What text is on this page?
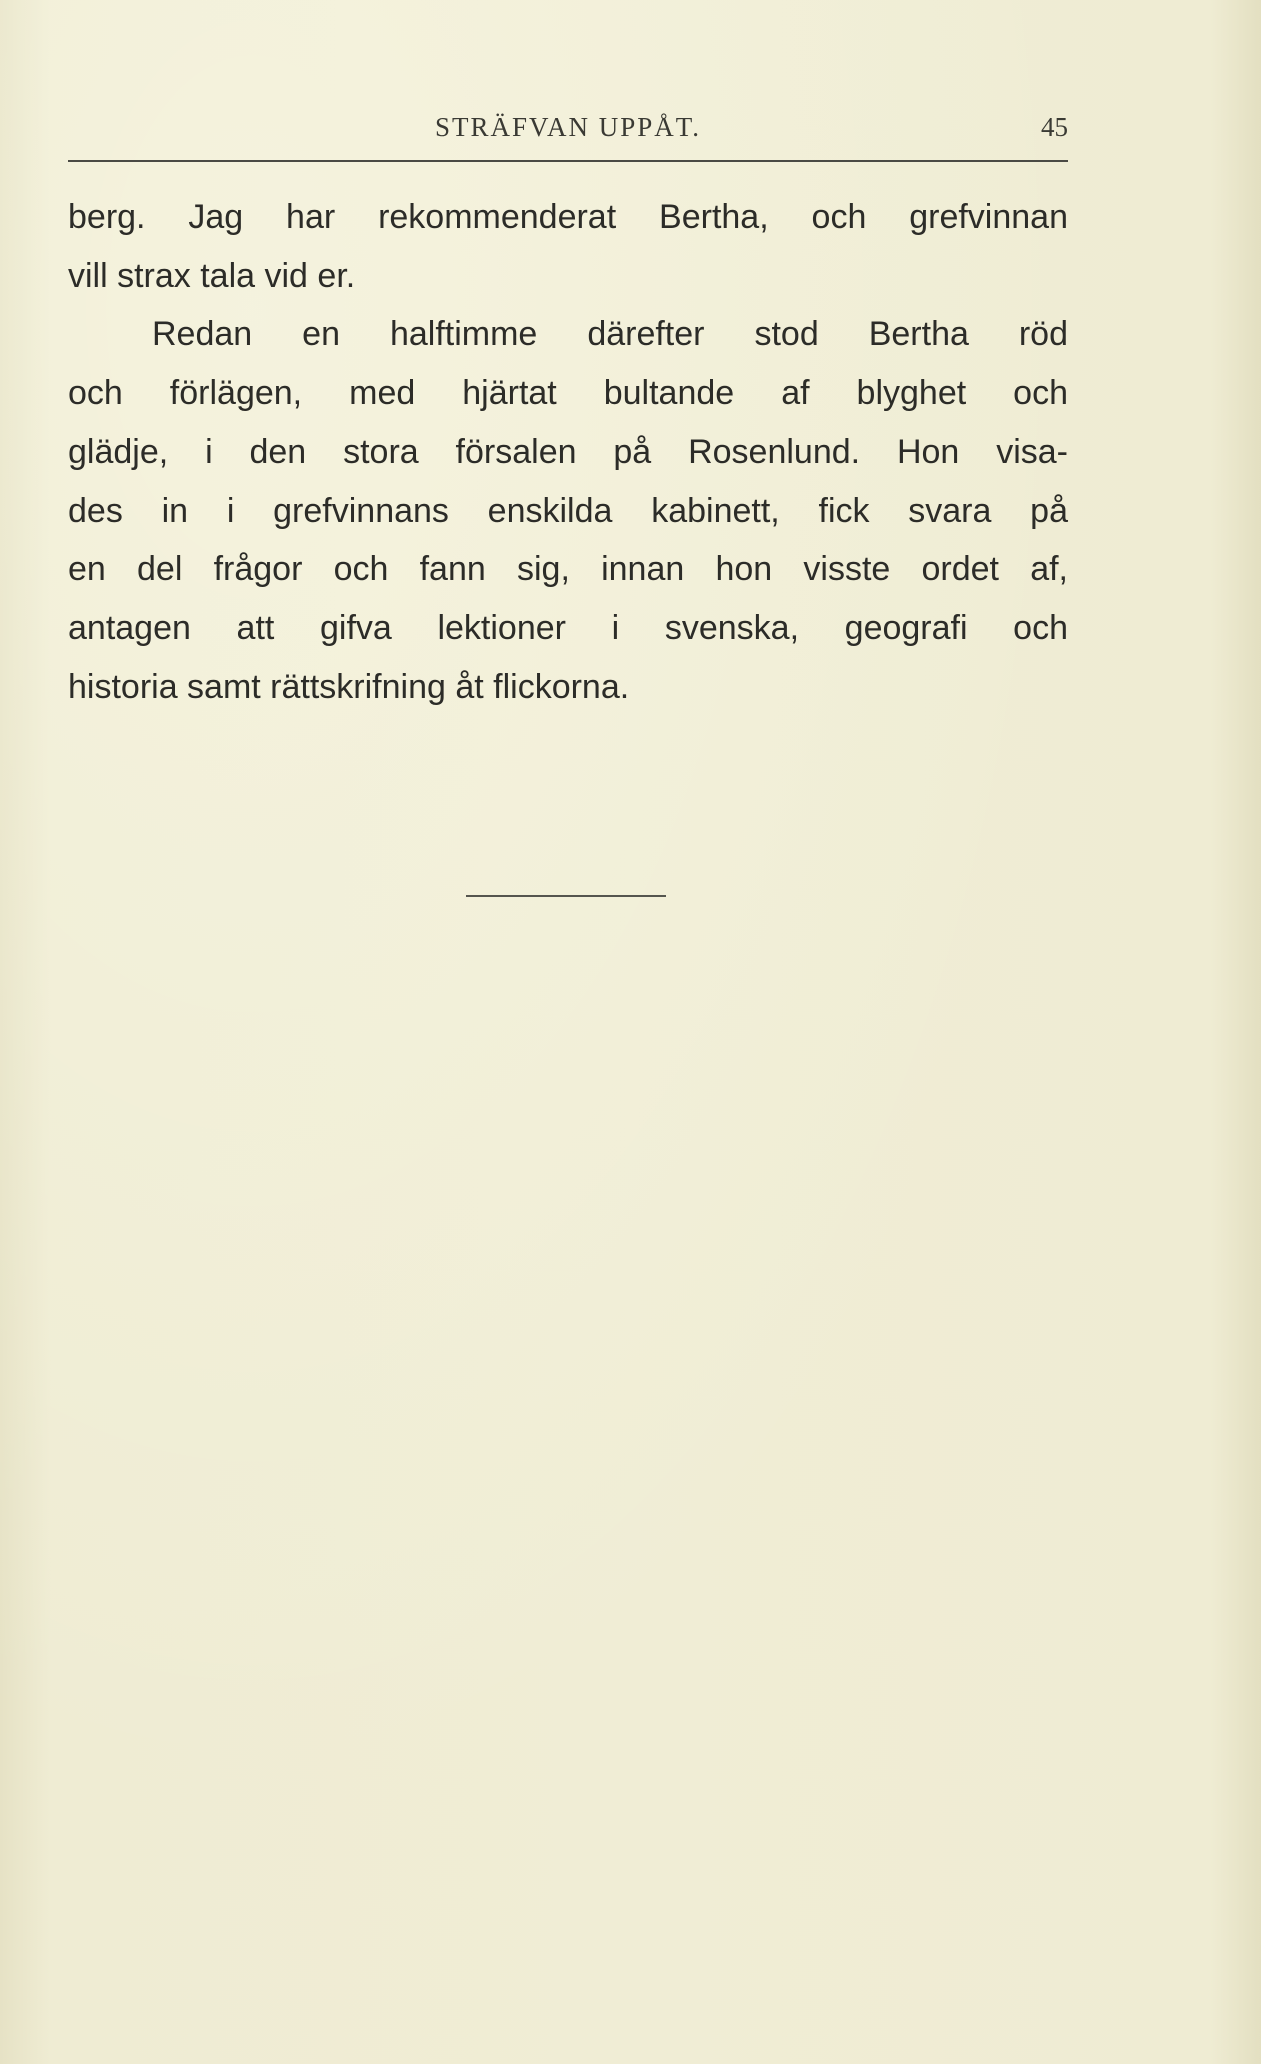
STRÄFVAN UPPÅT.	45
berg. Jag har rekommenderat Bertha, och grefvinnan
vill strax tala vid er.
Redan en halftimme därefter stod Bertha röd
och förlägen, med hjärtat bultande af blyghet och
glädje, i den stora försalen på Rosenlund. Hon visa-
des in i grefvinnans enskilda kabinett, fick svara på
en del frågor och fann sig, innan hon visste ordet af,
antagen att gifva lektioner i svenska, geografi och
historia samt rättskrifning åt flickorna.
